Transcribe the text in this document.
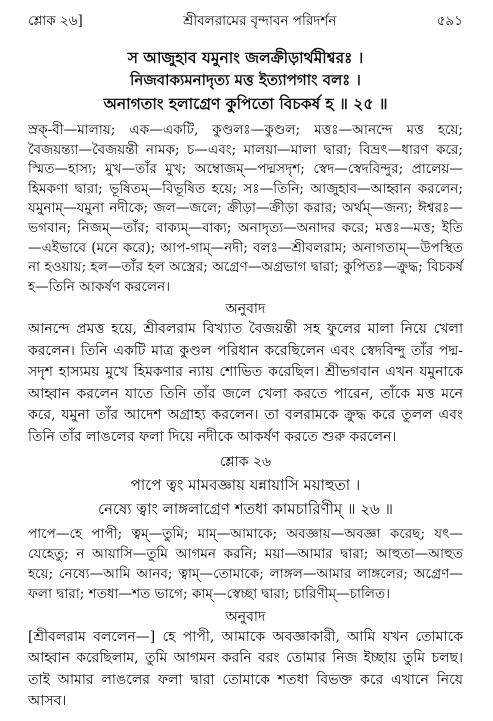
শ্লোক ২৬]	শ্রীবলরামের বৃন্দাবন পরিদর্শন	৫৯১
স আজুহাব যমুনাং জলক্রীড়ার্থমীশ্বরঃ ।
নিজবাক্যমনাদৃত্য মত্ত ইত্যাপগাং বলঃ ।
অনাগতাং হলাগ্রেণ কুপিতো বিচকর্ষ হ ॥ ২৫ ॥
স্রক্-বী—মালায়; এক—একটি, কুণ্ডলঃ—কুণ্ডল; মত্তঃ—আনন্দে মত্ত হয়ে; বৈজয়ন্ত্যা—বৈজয়ন্তী নামক; চ—এবং; মালয়া—মালা দ্বারা; বিভ্রৎ—ধারণ করে; স্মিত—হাস্য; মুখ—তাঁর মুখ; অম্বোজম্—পদ্মসদৃশ; স্বেদ—স্বেদবিন্দুর; প্রালেয়—হিমকণা দ্বারা; ভূষিতম্—বিভূষিত হয়ে; সঃ—তিনি; আজুহাব—আহ্বান করলেন; যমুনাম্—যমুনা নদীকে; জল—জলে; ক্রীড়া—ক্রীড়া করার; অর্থম্—জন্য; ঈশ্বরঃ—ভগবান; নিজম্—তাঁর; বাক্যম্—বাক্য; অনাদৃত্য—অনাদর করে; মত্তঃ—মত্ত; ইতি—এইভাবে (মনে করে); আপ-গাম্—নদী; বলঃ—শ্রীবলরাম; অনাগতাম্—উপস্থিত না হওয়ায়; হল—তাঁর হল অস্ত্রের; অগ্রেণ—অগ্রভাগ দ্বারা; কুপিতঃ—ক্রুদ্ধ; বিচকর্ষ হ—তিনি আকর্ষণ করলেন।
অনুবাদ
আনন্দে প্রমত্ত হয়ে, শ্রীবলরাম বিখ্যাত বৈজয়ন্তী সহ ফুলের মালা নিয়ে খেলা করলেন। তিনি একটি মাত্র কুণ্ডল পরিধান করেছিলেন এবং স্বেদবিন্দু তাঁর পদ্ম-সদৃশ হাস্যময় মুখে হিমকণার ন্যায় শোভিত করেছিল। শ্রীভগবান এখন যমুনাকে আহ্বান করলেন যাতে তিনি তাঁর জলে খেলা করতে পারেন, তাঁকে মত্ত মনে করে, যমুনা তাঁর আদেশ অগ্রাহ্য করলেন। তা বলরামকে ক্রুদ্ধ করে তুলল এবং তিনি তাঁর লাঙলের ফলা দিয়ে নদীকে আকর্ষণ করতে শুরু করলেন।
শ্লোক ২৬
পাপে ত্বং মামবজ্ঞায় যন্নায়াসি ময়াহুতা ।
নেষ্যে ত্বাং লাঙ্গলাগ্রেণ শতধা কামচারিণীম্ ॥ ২৬ ॥
পাপে—হে পাপী; ত্বম্—তুমি; মাম্—আমাকে; অবজ্ঞায়—অবজ্ঞা করেছ; যৎ—যেহেতু; ন আয়াসি—তুমি আগমন করনি; ময়া—আমার দ্বারা; আহুতা—আহুত হয়ে; নেষ্যে—আমি আনব; ত্বাম্—তোমাকে; লাঙ্গল—আমার লাঙ্গলের; অগ্রেণ—ফলা দ্বারা; শতধা—শত ভাগে; কাম্—স্বেচ্ছা দ্বারা; চারিণীম্—চালিত।
অনুবাদ
[শ্রীবলরাম বললেন—] হে পাপী, আমাকে অবজ্ঞাকারী, আমি যখন তোমাকে আহ্বান করেছিলাম, তুমি আগমন করনি বরং তোমার নিজ ইচ্ছায় তুমি চলছ। তাই আমার লাঙলের ফলা দ্বারা তোমাকে শতধা বিভক্ত করে এখানে নিয়ে আসব।
